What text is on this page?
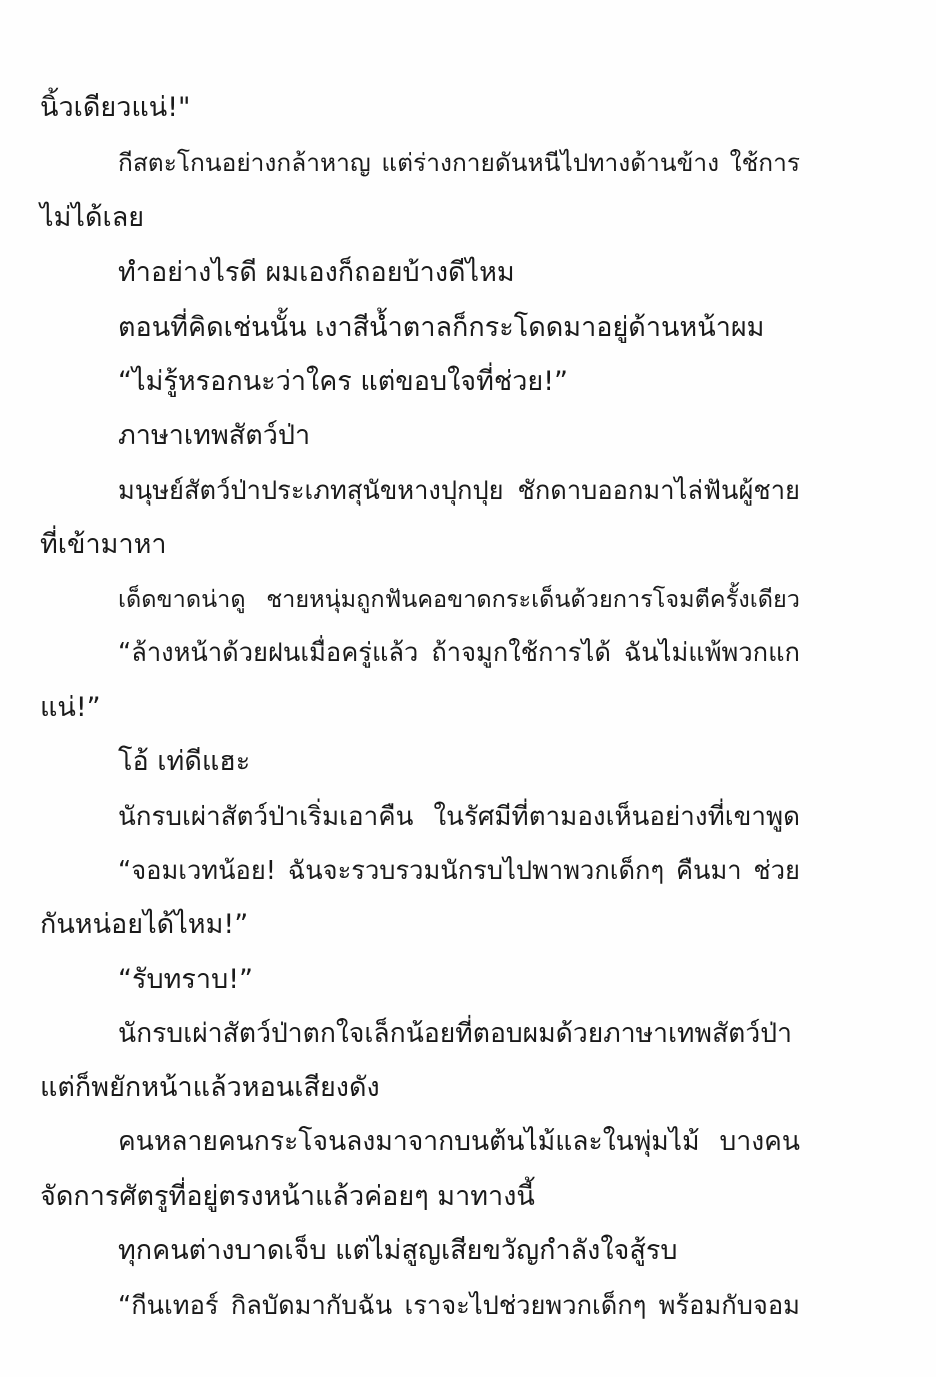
นิ้วเดียวแน่!"
กีสตะโกนอย่างกล้าหาญ แต่ร่างกายดันหนีไปทางด้านข้าง ใช้การ
ไม่ได้เลย
ทำอย่างไรดี ผมเองก็ถอยบ้างดีไหม
ตอนที่คิดเช่นนั้น เงาสีน้ำตาลก็กระโดดมาอยู่ด้านหน้าผม
“ไม่รู้หรอกนะว่าใคร แต่ขอบใจที่ช่วย!”
ภาษาเทพสัตว์ป่า
มนุษย์สัตว์ป่าประเภทสุนัขหางปุกปุย ชักดาบออกมาไล่ฟันผู้ชาย
ที่เข้ามาหา
เด็ดขาดน่าดู ชายหนุ่มถูกฟันคอขาดกระเด็นด้วยการโจมตีครั้งเดียว
“ล้างหน้าด้วยฝนเมื่อครู่แล้ว ถ้าจมูกใช้การได้ ฉันไม่แพ้พวกแก
แน่!”
โอ้ เท่ดีแฮะ
นักรบเผ่าสัตว์ป่าเริ่มเอาคืน ในรัศมีที่ตามองเห็นอย่างที่เขาพูด
“จอมเวทน้อย! ฉันจะรวบรวมนักรบไปพาพวกเด็กๆ คืนมา ช่วย
กันหน่อยได้ไหม!”
“รับทราบ!”
นักรบเผ่าสัตว์ป่าตกใจเล็กน้อยที่ตอบผมด้วยภาษาเทพสัตว์ป่า
แต่ก็พยักหน้าแล้วหอนเสียงดัง
คนหลายคนกระโจนลงมาจากบนต้นไม้และในพุ่มไม้ บางคน
จัดการศัตรูที่อยู่ตรงหน้าแล้วค่อยๆ มาทางนี้
ทุกคนต่างบาดเจ็บ แต่ไม่สูญเสียขวัญกำลังใจสู้รบ
“กีนเทอร์ กิลบัดมากับฉัน เราจะไปช่วยพวกเด็กๆ พร้อมกับจอม
